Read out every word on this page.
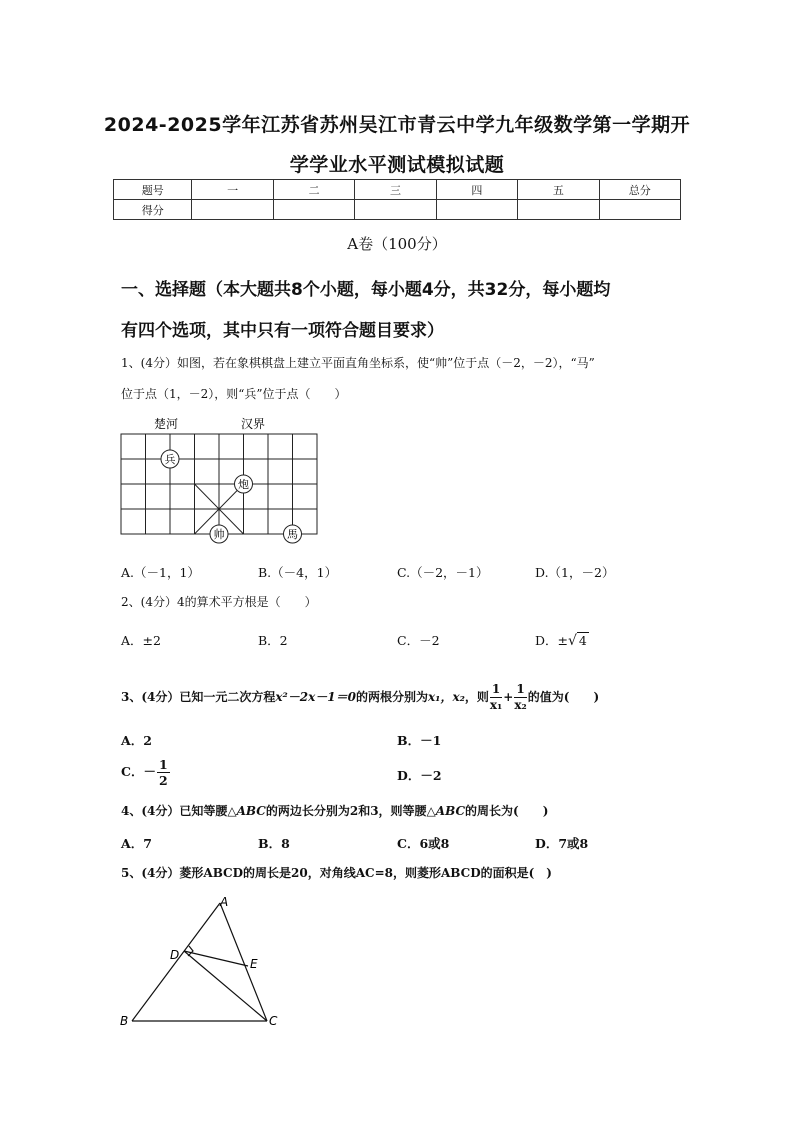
2024-2025学年江苏省苏州吴江市青云中学九年级数学第一学期开
学学业水平测试模拟试题
题号	一	二	三	四	五	总分
得分						
A卷（100分）
一、选择题（本大题共8个小题，每小题4分，共32分，每小题均
有四个选项，其中只有一项符合题目要求）
1、(4分）如图，若在象棋棋盘上建立平面直角坐标系，使“帅”位于点（－2，－2），“马”
位于点（1，－2），则“兵”位于点（　　）
楚河	汉界
兵
炮
帅	馬
A.（－1，1）	B.（－4，1）	C.（－2，－1）	D.（1，－2）
2、(4分）4的算术平方根是（　　）
A．±2	B．2	C．－2	D．±√ 4
3、(4分）已知一元二次方程x²－2x－1＝0的两根分别为x₁，x₂，则 $\frac{1}{\text{x₁}} + \frac{1}{\text{x₂}}$ 的值为(　　)
A．2	B．－1
C．－ $\frac{1}{2}$	D．－2
4、(4分）已知等腰△ABC的两边长分别为2和3，则等腰△ABC的周长为(　　)
A．7	B．8	C．6或8	D．7或8
5、(4分）菱形ABCD的周长是20，对角线AC=8，则菱形ABCD的面积是(　)
A
B	C
D
E
